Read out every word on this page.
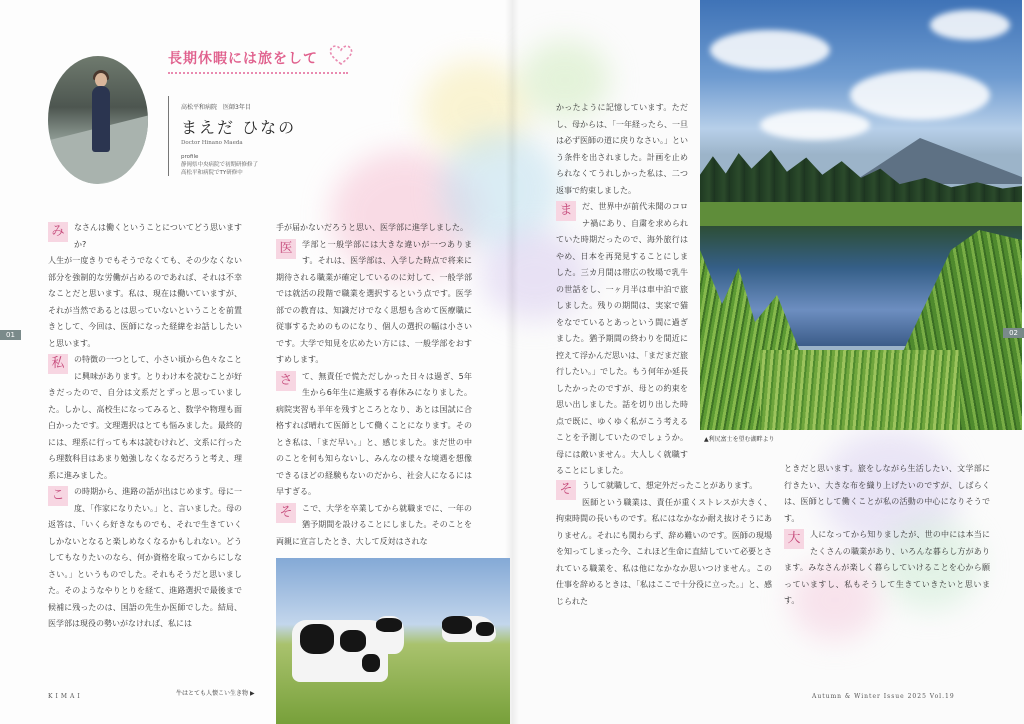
長期休暇には旅をして
高松平和病院　医師3年目
まえだ ひなの
Doctor Hinano Maeda
profile
静岡県中央病院で初期研修修了
高松平和病院でTY研修中

み	なさんは働くということについてどう思いますか?

人生が一度きりでもそうでなくても、その少なくない部分を強制的な労働が占めるのであれば、それは不幸なことだと思います。私は、現在は働いていますが、それが当然であるとは思っていないということを前置きとして、今回は、医師になった経緯をお話ししたいと思います。

私	の特徴の一つとして、小さい頃から色々なことに興味があります。とりわけ本を読むことが好きだったので、自分は文系だとずっと思っていました。しかし、高校生になってみると、数学や物理も面白かったです。文理選択はとても悩みました。最終的には、理系に行っても本は読むけれど、文系に行ったら理数科目はあまり勉強しなくなるだろうと考え、理系に進みました。

こ	の時期から、進路の話が出はじめます。母に一度、「作家になりたい。」と、言いました。母の返答は、「いくら好きなものでも、それで生きていくしかないとなると楽しめなくなるかもしれない。どうしてもなりたいのなら、何か資格を取ってからにしなさい。」というものでした。それもそうだと思いました。そのようなやりとりを経て、進路選択で最後まで候補に残ったのは、国語の先生か医師でした。結局、医学部は現役の勢いがなければ、私には

手が届かないだろうと思い、医学部に進学しました。

医	学部と一般学部には大きな違いが一つあります。それは、医学部は、入学した時点で将来に期待される職業が確定しているのに対して、一般学部では就活の段階で職業を選択するという点です。医学部での教育は、知識だけでなく思想も含めて医療職に従事するためのものになり、個人の選択の幅は小さいです。大学で知見を広めたい方には、一般学部をおすすめします。

さ	て、無責任で慌ただしかった日々は過ぎ、5年生から6年生に進級する春休みになりました。病院実習も半年を残すところとなり、あとは国試に合格すれば晴れて医師として働くことになります。そのとき私は、「まだ早い。」と、感じました。まだ世の中のことを何も知らないし、みんなの様々な境遇を想像できるほどの経験もないのだから、社会人になるには早すぎる。

そ	こで、大学を卒業してから就職までに、一年の猶予期間を設けることにしました。そのことを両親に宣言したとき、大して反対はされな

牛はとても人懐こい生き物 ▶

かったように記憶しています。ただし、母からは、「一年経ったら、一旦は必ず医師の道に戻りなさい。」という条件を出されました。計画を止められなくてうれしかった私は、二つ返事で約束しました。

ま	だ、世界中が前代未聞のコロナ禍にあり、自粛を求められていた時期だったので、海外旅行はやめ、日本を再発見することにしました。三カ月間は帯広の牧場で乳牛の世話をし、一ヶ月半は車中泊で旅しました。残りの期間は、実家で猫をなでているとあっという間に過ぎました。猶予期間の終わりを間近に控えて浮かんだ思いは、「まだまだ旅行したい。」でした。もう何年か延長したかったのですが、母との約束を思い出しました。話を切り出した時点で既に、ゆくゆく私がこう考えることを予測していたのでしょうか。母には敵いません。大人しく就職することにしました。

▲利尻富士を望む湖畔より

そ	うして就職して、想定外だったことがあります。

医師という職業は、責任が重くストレスが大きく、拘束時間の長いものです。私にはなかなか耐え抜けそうにありません。それにも関わらず、辞め難いのです。医師の現場を知ってしまった今、これほど生命に直結していて必要とされている職業を、私は他になかなか思いつけません。この仕事を辞めるときは、「私はここで十分役に立った。」と、感じられた

ときだと思います。旅をしながら生活したい、文学部に行きたい、大きな布を織り上げたいのですが、しばらくは、医師として働くことが私の活動の中心になりそうです。

大	人になってから知りましたが、世の中には本当にたくさんの職業があり、いろんな暮らし方があります。みなさんが楽しく暮らしていけることを心から願っていますし、私もそうして生きていきたいと思います。

01	02
KIMAI	Autumn & Winter Issue 2025 Vol.19
